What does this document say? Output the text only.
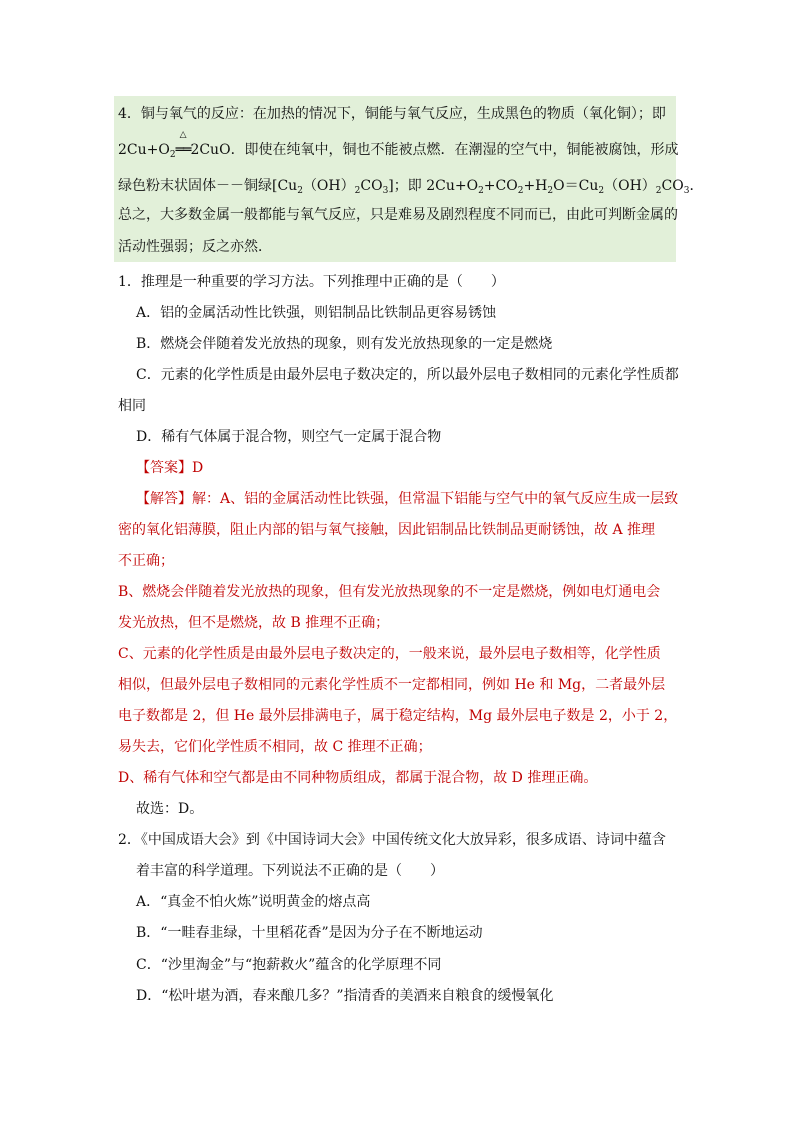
4．铜与氧气的反应：在加热的情况下，铜能与氧气反应，生成黑色的物质（氧化铜）；即
$2Cu+O_2$
△
══2CuO．即使在纯氧中，铜也不能被点燃．在潮湿的空气中，铜能被腐蚀，形成
绿色粉末状固体－－铜绿$[Cu_2(OH)_2CO_3]$；即 $2Cu+O_2+CO_2+H_2O=Cu_2(OH)_2CO_3$．
总之，大多数金属一般都能与氧气反应，只是难易及剧烈程度不同而已，由此可判断金属的
活动性强弱；反之亦然．
1．推理是一种重要的学习方法。下列推理中正确的是（　　）
A．铝的金属活动性比铁强，则铝制品比铁制品更容易锈蚀
B．燃烧会伴随着发光放热的现象，则有发光放热现象的一定是燃烧
C．元素的化学性质是由最外层电子数决定的，所以最外层电子数相同的元素化学性质都
相同
D．稀有气体属于混合物，则空气一定属于混合物
【答案】D
【解答】解：A、铝的金属活动性比铁强，但常温下铝能与空气中的氧气反应生成一层致
密的氧化铝薄膜，阻止内部的铝与氧气接触，因此铝制品比铁制品更耐锈蚀，故 A 推理
不正确；
B、燃烧会伴随着发光放热的现象，但有发光放热现象的不一定是燃烧，例如电灯通电会
发光放热，但不是燃烧，故 B 推理不正确；
C、元素的化学性质是由最外层电子数决定的，一般来说，最外层电子数相等，化学性质
相似，但最外层电子数相同的元素化学性质不一定都相同，例如 He 和 Mg，二者最外层
电子数都是 2，但 He 最外层排满电子，属于稳定结构，Mg 最外层电子数是 2，小于 2，
易失去，它们化学性质不相同，故 C 推理不正确；
D、稀有气体和空气都是由不同种物质组成，都属于混合物，故 D 推理正确。
故选：D。
2．《中国成语大会》到《中国诗词大会》中国传统文化大放异彩，很多成语、诗词中蕴含
着丰富的科学道理。下列说法不正确的是（　　）
A．“真金不怕火炼”说明黄金的熔点高
B．“一畦春韭绿，十里稻花香”是因为分子在不断地运动
C．“沙里淘金”与“抱薪救火”蕴含的化学原理不同
D．“松叶堪为酒，春来酿几多？”指清香的美酒来自粮食的缓慢氧化
